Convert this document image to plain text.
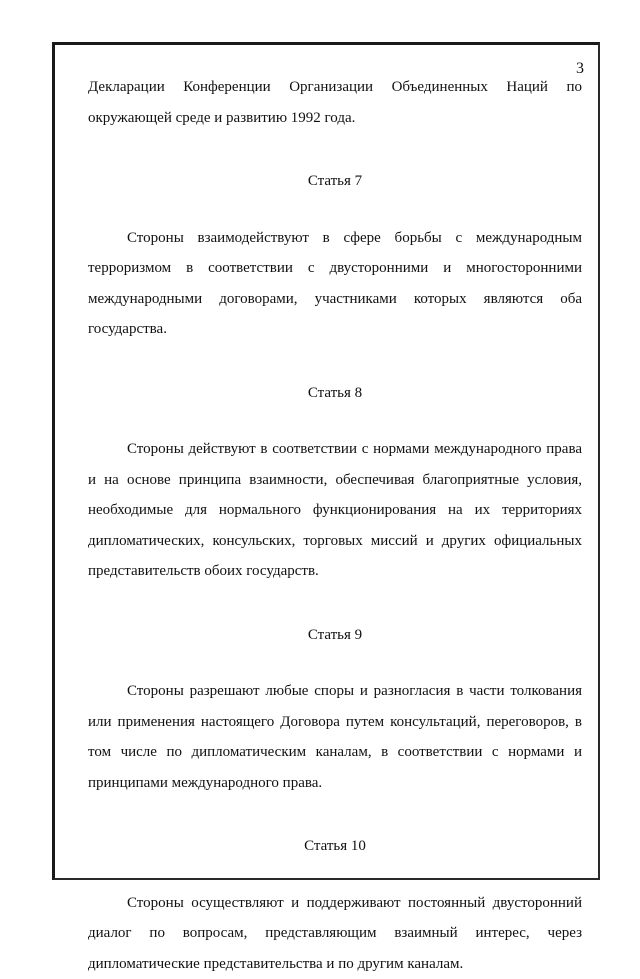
3

Декларации Конференции Организации Объединенных Наций по окружающей среде и развитию 1992 года.

Статья 7

Стороны взаимодействуют в сфере борьбы с международным терроризмом в соответствии с двусторонними и многосторонними международными договорами, участниками которых являются оба государства.

Статья 8

Стороны действуют в соответствии с нормами международного права и на основе принципа взаимности, обеспечивая благоприятные условия, необходимые для нормального функционирования на их территориях дипломатических, консульских, торговых миссий и других официальных представительств обоих государств.

Статья 9

Стороны разрешают любые споры и разногласия в части толкования или применения настоящего Договора путем консультаций, переговоров, в том числе по дипломатическим каналам, в соответствии с нормами и принципами международного права.

Статья 10

Стороны осуществляют и поддерживают постоянный двусторонний диалог по вопросам, представляющим взаимный интерес, через дипломатические представительства и по другим каналам.
